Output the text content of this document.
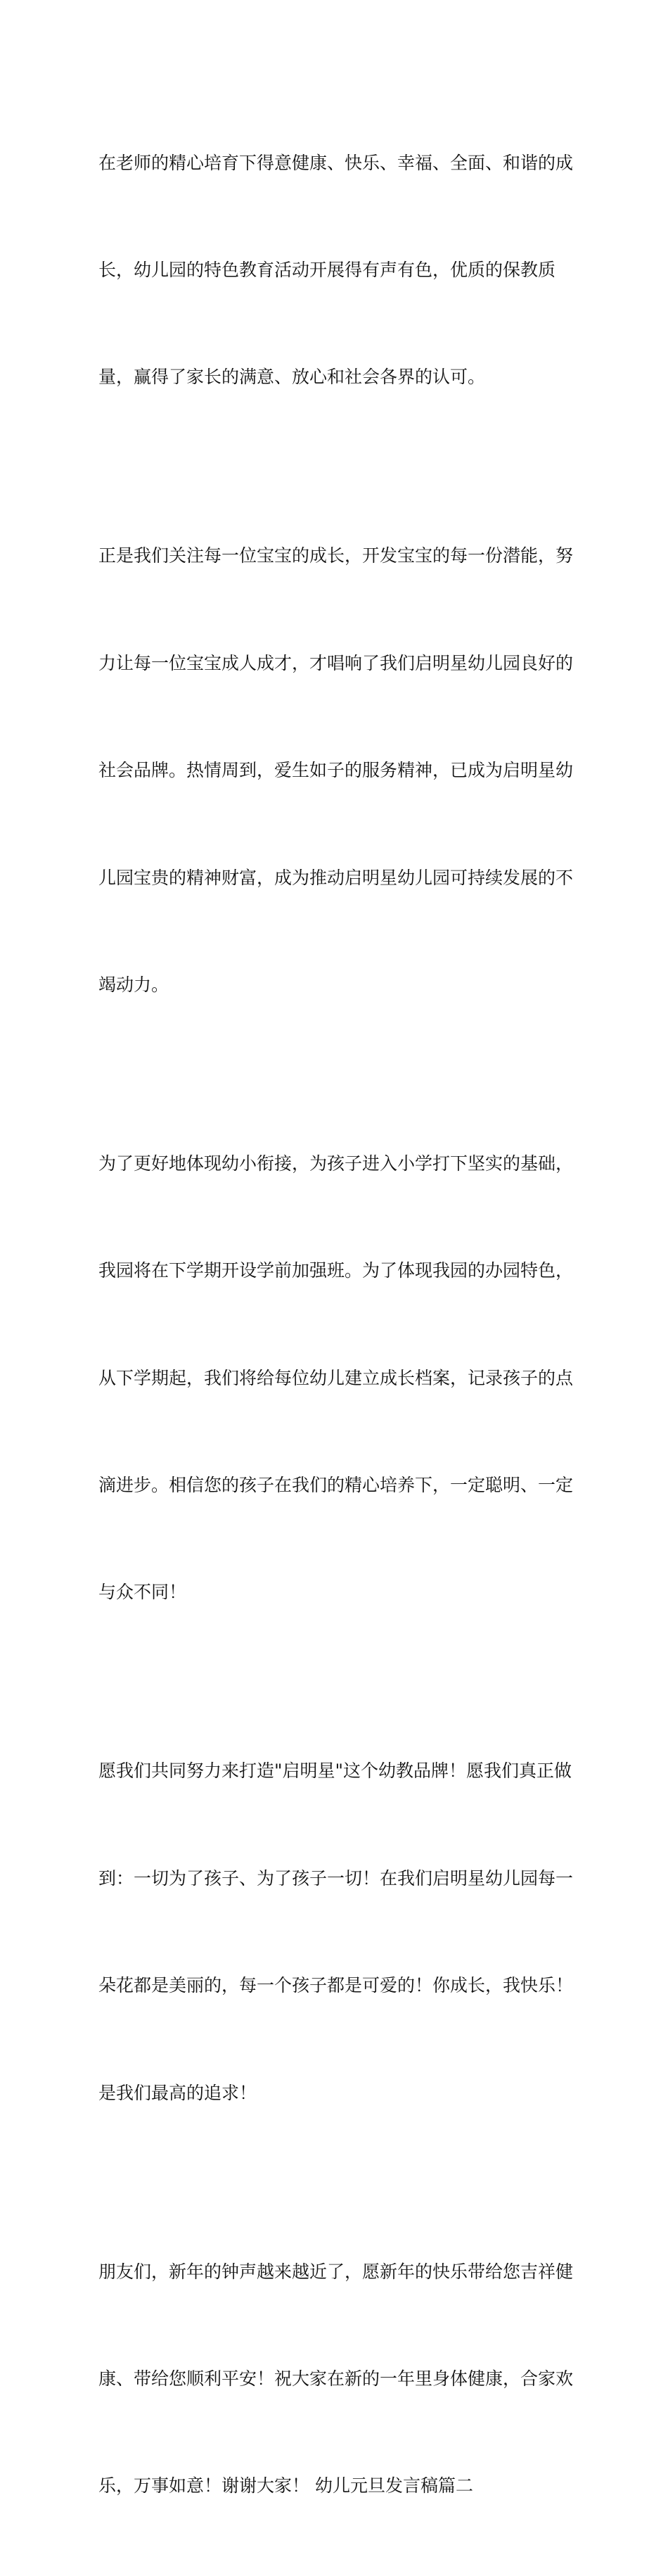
在老师的精心培育下得意健康、快乐、幸福、全面、和谐的成

长，幼儿园的特色教育活动开展得有声有色，优质的保教质

量，赢得了家长的满意、放心和社会各界的认可。

正是我们关注每一位宝宝的成长，开发宝宝的每一份潜能，努

力让每一位宝宝成人成才，才唱响了我们启明星幼儿园良好的

社会品牌。热情周到，爱生如子的服务精神，已成为启明星幼

儿园宝贵的精神财富，成为推动启明星幼儿园可持续发展的不

竭动力。

为了更好地体现幼小衔接，为孩子进入小学打下坚实的基础，

我园将在下学期开设学前加强班。为了体现我园的办园特色，

从下学期起，我们将给每位幼儿建立成长档案，记录孩子的点

滴进步。相信您的孩子在我们的精心培养下，一定聪明、一定

与众不同！

愿我们共同努力来打造"启明星"这个幼教品牌！愿我们真正做

到：一切为了孩子、为了孩子一切！在我们启明星幼儿园每一

朵花都是美丽的，每一个孩子都是可爱的！你成长，我快乐！

是我们最高的追求！

朋友们，新年的钟声越来越近了，愿新年的快乐带给您吉祥健

康、带给您顺利平安！祝大家在新的一年里身体健康，合家欢

乐，万事如意！谢谢大家！ 幼儿元旦发言稿篇二
